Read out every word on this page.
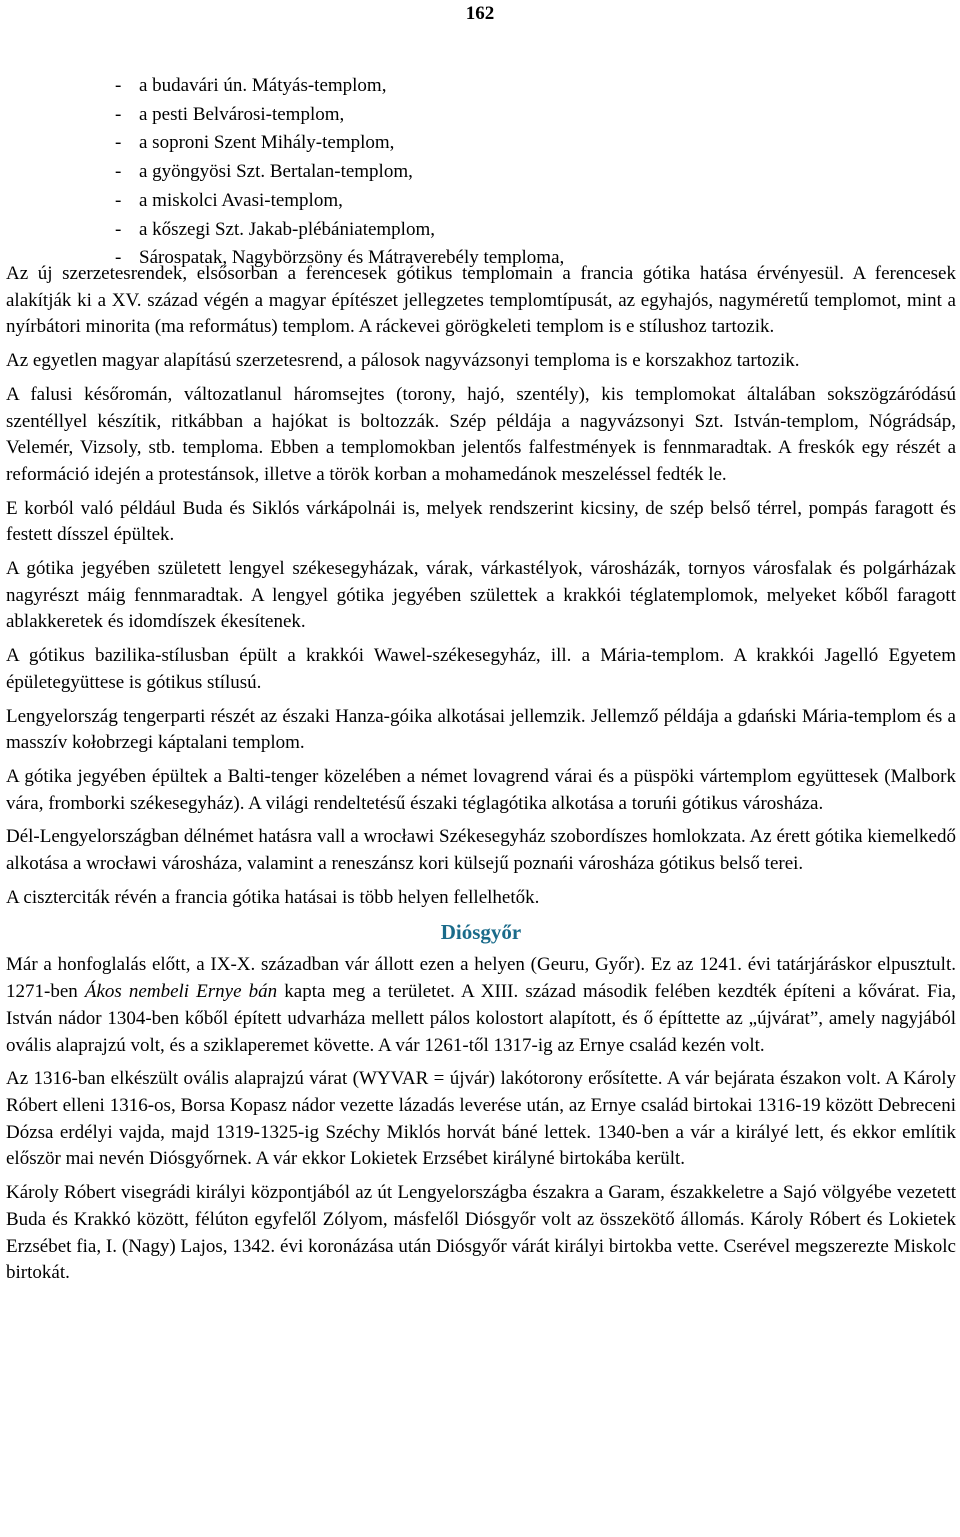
162
- a budavári ún. Mátyás-templom,
- a pesti Belvárosi-templom,
- a soproni Szent Mihály-templom,
- a gyöngyösi Szt. Bertalan-templom,
- a miskolci Avasi-templom,
- a kőszegi Szt. Jakab-plébániatemplom,
- Sárospatak, Nagybörzsöny és Mátraverebély temploma,

Az új szerzetesrendek, elsősorban a ferencesek gótikus templomain a francia gótika hatása érvényesül. A ferencesek alakítják ki a XV. század végén a magyar építészet jellegzetes templomtípusát, az egyhajós, nagyméretű templomot, mint a nyírbátori minorita (ma református) templom. A ráckevei görögkeleti templom is e stílushoz tartozik.

Az egyetlen magyar alapítású szerzetesrend, a pálosok nagyvázsonyi temploma is e korszakhoz tartozik.

A falusi későromán, változatlanul háromsejtes (torony, hajó, szentély), kis templomokat általában sokszögzáródású szentéllyel készítik, ritkábban a hajókat is boltozzák. Szép példája a nagyvázsonyi Szt. István-templom, Nógrádsáp, Velemér, Vizsoly, stb. temploma. Ebben a templomokban jelentős falfestmények is fennmaradtak. A freskók egy részét a reformáció idején a protestánsok, illetve a török korban a mohamedánok meszeléssel fedték le.

E korból való például Buda és Siklós várkápolnái is, melyek rendszerint kicsiny, de szép belső térrel, pompás faragott és festett dísszel épültek.

A gótika jegyében született lengyel székesegyházak, várak, várkastélyok, városházák, tornyos városfalak és polgárházak nagyrészt máig fennmaradtak. A lengyel gótika jegyében születtek a krakkói téglatemplomok, melyeket kőből faragott ablakkeretek és idomdíszek ékesítenek.

A gótikus bazilika-stílusban épült a krakkói Wawel-székesegyház, ill. a Mária-templom. A krakkói Jagelló Egyetem épületegyüttese is gótikus stílusú.

Lengyelország tengerparti részét az északi Hanza-góika alkotásai jellemzik. Jellemző példája a gdański Mária-templom és a masszív kołobrzegi káptalani templom.

A gótika jegyében épültek a Balti-tenger közelében a német lovagrend várai és a püspöki vártemplom együttesek (Malbork vára, fromborki székesegyház). A világi rendeltetésű északi téglagótika alkotása a toruńi gótikus városháza.

Dél-Lengyelországban délnémet hatásra vall a wrocławi Székesegyház szobordíszes homlokzata. Az érett gótika kiemelkedő alkotása a wrocławi városháza, valamint a reneszánsz kori külsejű poznańi városháza gótikus belső terei.

A ciszterciták révén a francia gótika hatásai is több helyen fellelhetők.

Diósgyőr

Már a honfoglalás előtt, a IX-X. században vár állott ezen a helyen (Geuru, Győr). Ez az 1241. évi tatárjáráskor elpusztult. 1271-ben Ákos nembeli Ernye bán kapta meg a területet. A XIII. század második felében kezdték építeni a kővárat. Fia, István nádor 1304-ben kőből épített udvarháza mellett pálos kolostort alapított, és ő építtette az „újvárat”, amely nagyjából ovális alaprajzú volt, és a sziklaperemet követte. A vár 1261-től 1317-ig az Ernye család kezén volt.

Az 1316-ban elkészült ovális alaprajzú várat (WYVAR = újvár) lakótorony erősítette. A vár bejárata északon volt. A Károly Róbert elleni 1316-os, Borsa Kopasz nádor vezette lázadás leverése után, az Ernye család birtokai 1316-19 között Debreceni Dózsa erdélyi vajda, majd 1319-1325-ig Széchy Miklós horvát báné lettek. 1340-ben a vár a királyé lett, és ekkor említik először mai nevén Diósgyőrnek. A vár ekkor Lokietek Erzsébet királyné birtokába került.

Károly Róbert visegrádi királyi központjából az út Lengyelországba északra a Garam, északkeletre a Sajó völgyébe vezetett Buda és Krakkó között, félúton egyfelől Zólyom, másfelől Diósgyőr volt az összekötő állomás. Károly Róbert és Lokietek Erzsébet fia, I. (Nagy) Lajos, 1342. évi koronázása után Diósgyőr várát királyi birtokba vette. Cserével megszerezte Miskolc birtokát.
